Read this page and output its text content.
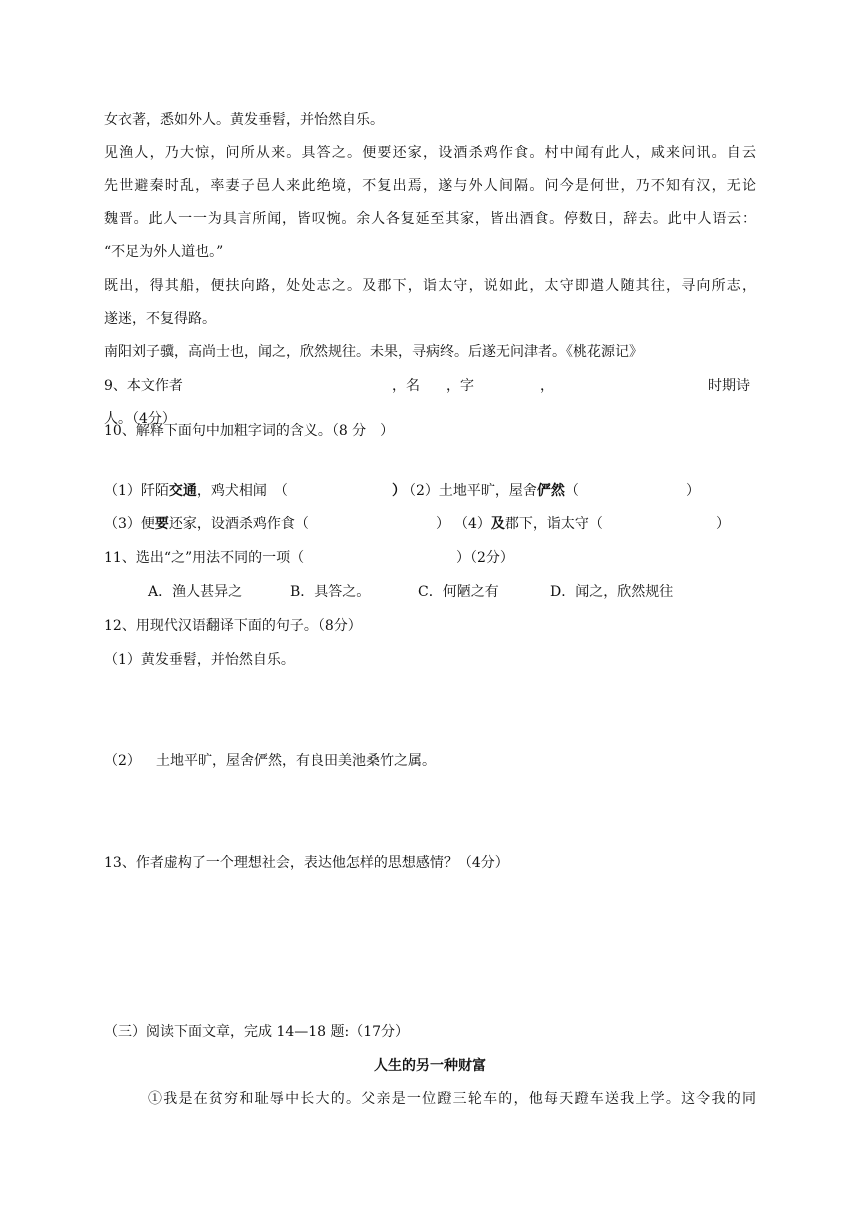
女衣著，悉如外人。黄发垂髫，并怡然自乐。
见渔人，乃大惊，问所从来。具答之。便要还家，设酒杀鸡作食。村中闻有此人，咸来问讯。自云
先世避秦时乱，率妻子邑人来此绝境，不复出焉，遂与外人间隔。问今是何世，乃不知有汉，无论
魏晋。此人一一为具言所闻，皆叹惋。余人各复延至其家，皆出酒食。停数日，辞去。此中人语云：
“不足为外人道也。”
既出，得其船，便扶向路，处处志之。及郡下，诣太守，说如此，太守即遣人随其往，寻向所志，
遂迷，不复得路。
南阳刘子骥，高尚士也，闻之，欣然规往。未果，寻病终。后遂无问津者。《桃花源记》
9、本文作者	，名 ，字	，	时期诗
人。（4分）
10、解释下面句中加粗字词的含义。（8 分　）
（1）阡陌交通，鸡犬相闻　（	）
（2）土地平旷，屋舍俨然（	）
（3）便要还家，设酒杀鸡作食（	） （4）及郡下，诣太守（	）
11、选出“之”用法不同的一项（	）（2分）
A．渔人甚异之	B．具答之。	C．何陋之有	D．闻之，欣然规往
12、用现代汉语翻译下面的句子。（8分）
（1）黄发垂髫，并怡然自乐。
（2） 土地平旷，屋舍俨然，有良田美池桑竹之属。
13、作者虚构了一个理想社会，表达他怎样的思想感情？（4分）
（三）阅读下面文章，完成 14—18 题:（17分）
人生的另一种财富
①我是在贫穷和耻辱中长大的。父亲是一位蹬三轮车的，他每天蹬车送我上学。这令我的同
